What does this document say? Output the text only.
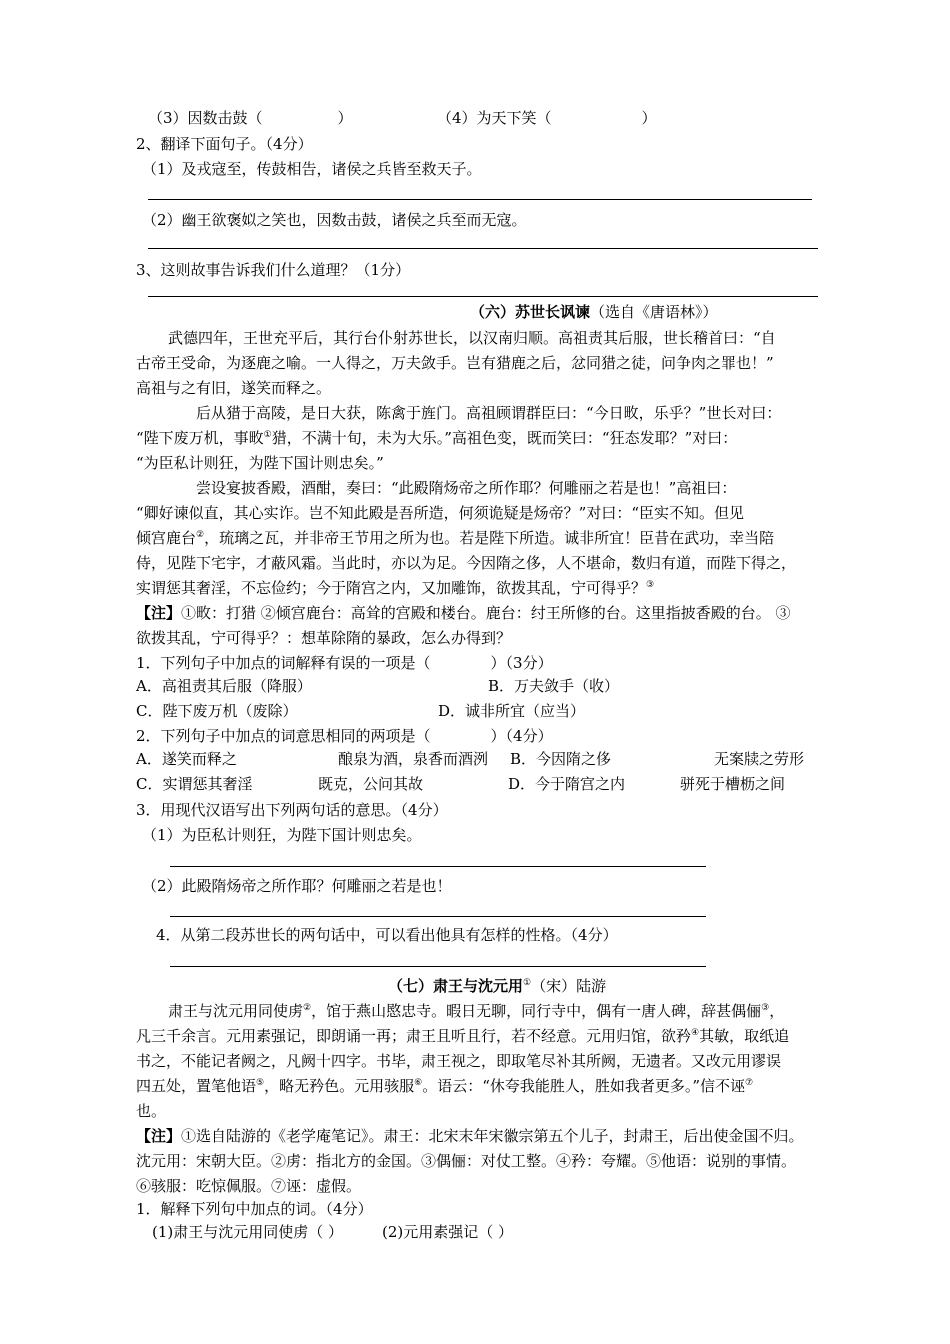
（3）因数击鼓（　　　　　）	（4）为天下笑（　　　　　　）
2、翻译下面句子。（4分）
（1）及戎寇至，传鼓相告，诸侯之兵皆至救天子。
（2）幽王欲褒姒之笑也，因数击鼓，诸侯之兵至而无寇。
3、这则故事告诉我们什么道理？（1分）
（六）苏世长讽谏（选自《唐语林》）
武德四年，王世充平后，其行台仆射苏世长，以汉南归顺。高祖责其后服，世长稽首曰：“自
古帝王受命，为逐鹿之喻。一人得之，万夫敛手。岂有猎鹿之后，忿同猎之徒，问争肉之罪也！”
高祖与之有旧，遂笑而释之。
后从猎于高陵，是日大获，陈禽于旌门。高祖顾谓群臣曰：“今日畋，乐乎？”世长对曰：
“陛下废万机，事畋①猎，不满十旬，未为大乐。”高祖色变，既而笑曰：“狂态发耶？”对曰：
“为臣私计则狂，为陛下国计则忠矣。”
尝设宴披香殿，酒酣，奏曰：“此殿隋炀帝之所作耶？何雕丽之若是也！”高祖曰：
“卿好谏似直，其心实诈。岂不知此殿是吾所造，何须诡疑是炀帝？”对曰：“臣实不知。但见
倾宫鹿台②，琉璃之瓦，并非帝王节用之所为也。若是陛下所造。诚非所宜！臣昔在武功，幸当陪
侍，见陛下宅宇，才蔽风霜。当此时，亦以为足。今因隋之侈，人不堪命，数归有道，而陛下得之，
实谓惩其奢淫，不忘俭约；今于隋宫之内，又加雕饰，欲拨其乱，宁可得乎？③
【注】①畋：打猎 ②倾宫鹿台：高耸的宫殿和楼台。鹿台：纣王所修的台。这里指披香殿的台。 ③
欲拨其乱，宁可得乎？：想革除隋的暴政，怎么办得到？
1．下列句子中加点的词解释有误的一项是（　　　　）（3分）
A．高祖责其后服（降服）	B．万夫敛手（收）
C．陛下废万机（废除）	D．诚非所宜（应当）
2．下列句子中加点的词意思相同的两项是（　　　　）（4分）
A．遂笑而释之	酿泉为酒，泉香而酒洌 B．今因隋之侈	无案牍之劳形
C．实谓惩其奢淫	既克，公问其故	D．今于隋宫之内	骈死于槽枥之间
3．用现代汉语写出下列两句话的意思。（4分）
（1）为臣私计则狂，为陛下国计则忠矣。
（2）此殿隋炀帝之所作耶？何雕丽之若是也！
4．从第二段苏世长的两句话中，可以看出他具有怎样的性格。（4分）
（七）肃王与沈元用①（宋）陆游
肃王与沈元用同使虏②，馆于燕山愍忠寺。暇日无聊，同行寺中，偶有一唐人碑，辞甚偶俪③，
凡三千余言。元用素强记，即朗诵一再；肃王且听且行，若不经意。元用归馆，欲矜④其敏，取纸追
书之，不能记者阙之，凡阙十四字。书毕，肃王视之，即取笔尽补其所阙，无遗者。又改元用谬误
四五处，置笔他语⑤，略无矜色。元用骇服⑥。语云：“休夸我能胜人，胜如我者更多。”信不诬⑦
也。
【注】①选自陆游的《老学庵笔记》。肃王：北宋末年宋徽宗第五个儿子，封肃王，后出使金国不归。
沈元用：宋朝大臣。②虏：指北方的金国。③偶俪：对仗工整。④矜：夸耀。⑤他语：说别的事情。
⑥骇服：吃惊佩服。⑦诬：虚假。
1．解释下列句中加点的词。（4分）
(1)肃王与沈元用同使虏（ ）	(2)元用素强记（ ）
